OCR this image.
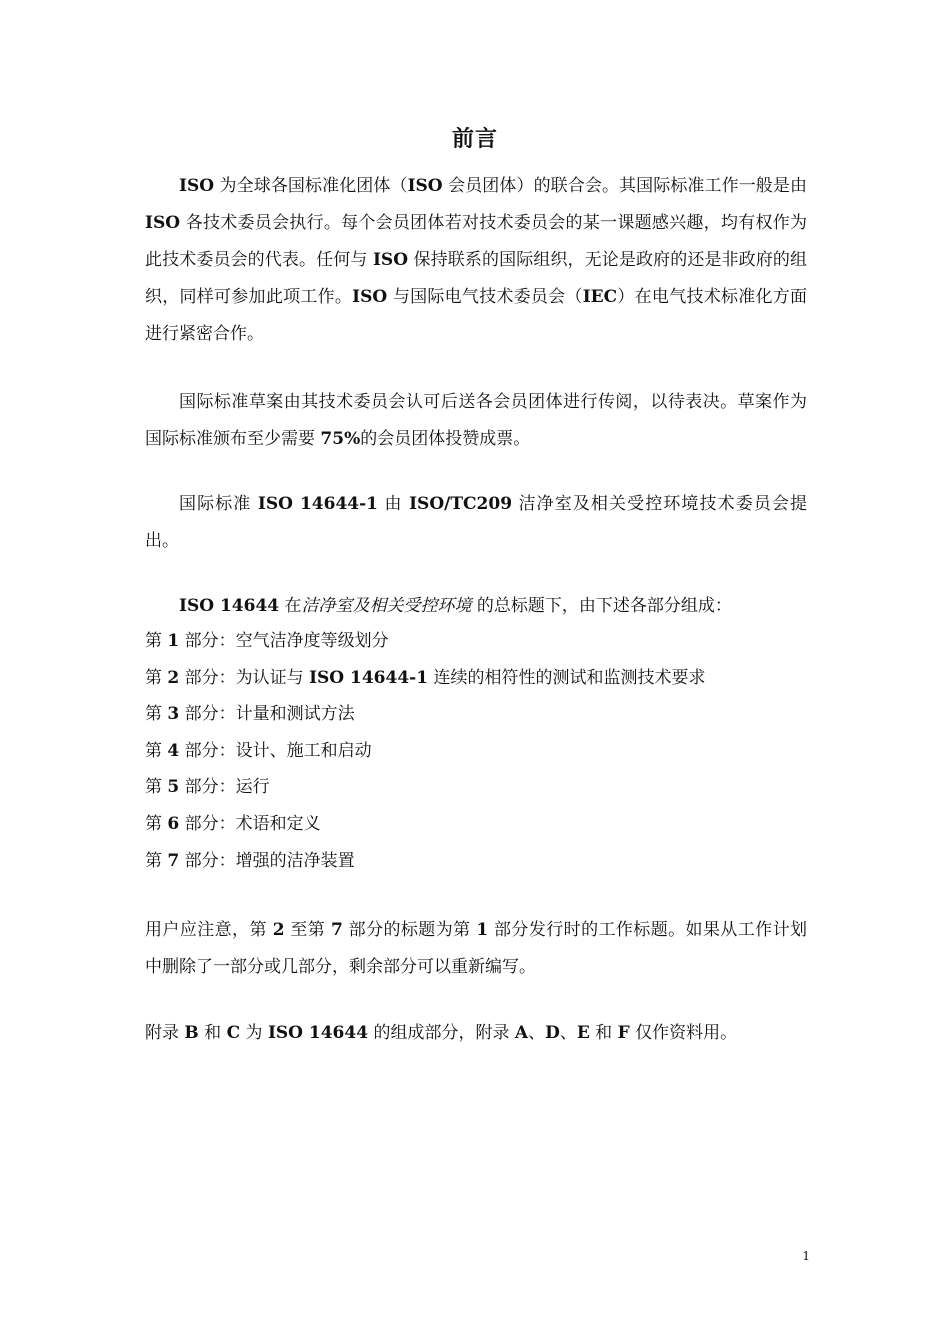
前言

ISO 为全球各国标准化团体（ISO 会员团体）的联合会。其国际标准工作一般是由 ISO 各技术委员会执行。每个会员团体若对技术委员会的某一课题感兴趣，均有权作为此技术委员会的代表。任何与 ISO 保持联系的国际组织，无论是政府的还是非政府的组织，同样可参加此项工作。ISO 与国际电气技术委员会（IEC）在电气技术标准化方面进行紧密合作。

国际标准草案由其技术委员会认可后送各会员团体进行传阅，以待表决。草案作为国际标准颁布至少需要 75%的会员团体投赞成票。

国际标准 ISO 14644-1 由 ISO/TC209 洁净室及相关受控环境技术委员会提出。

ISO 14644 在洁净室及相关受控环境 的总标题下，由下述各部分组成：

第 1 部分：空气洁净度等级划分
第 2 部分：为认证与 ISO 14644-1 连续的相符性的测试和监测技术要求
第 3 部分：计量和测试方法
第 4 部分：设计、施工和启动
第 5 部分：运行
第 6 部分：术语和定义
第 7 部分：增强的洁净装置

用户应注意，第 2 至第 7 部分的标题为第 1 部分发行时的工作标题。如果从工作计划中删除了一部分或几部分，剩余部分可以重新编写。

附录 B 和 C 为 ISO 14644 的组成部分，附录 A、D、E 和 F 仅作资料用。

1
